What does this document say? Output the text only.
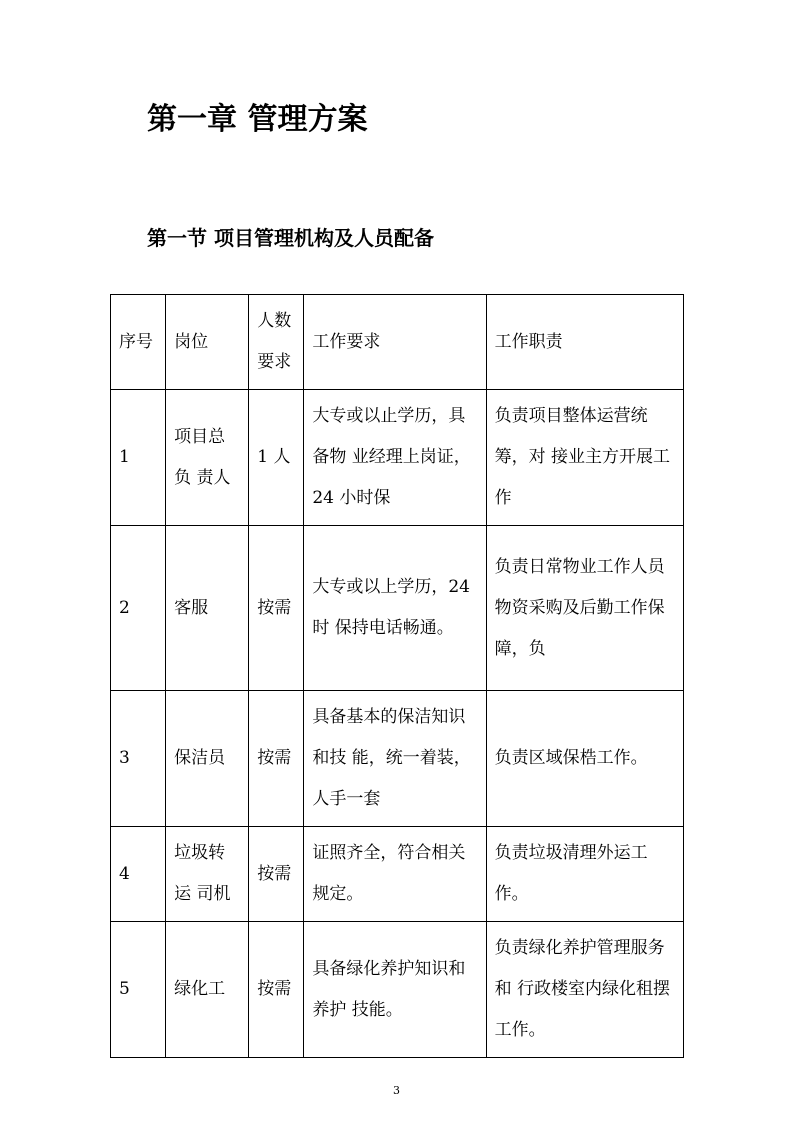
第一章 管理方案
第一节 项目管理机构及人员配备
序号	岗位	人数要求	工作要求	工作职责
1	项目总负 责人	1 人	大专或以止学历，具备物 业经理上岗证，24 小时保	负责项目整体运营统筹，对 接业主方开展工作
2	客服	按需	大专或以上学历，24 时 保持电话畅通。	负责日常物业工作人员物资采购及后勤工作保障，负
3	保洁员	按需	具备基本的保洁知识和技 能，统一着装，人手一套	负责区域保梏工作。
4	垃圾转运 司机	按需	证照齐全，符合相关规定。	负责垃圾清理外运工作。
5	绿化工	按需	具备绿化养护知识和养护 技能。	负责绿化养护管理服务和 行政楼室内绿化租摆工作。
3
